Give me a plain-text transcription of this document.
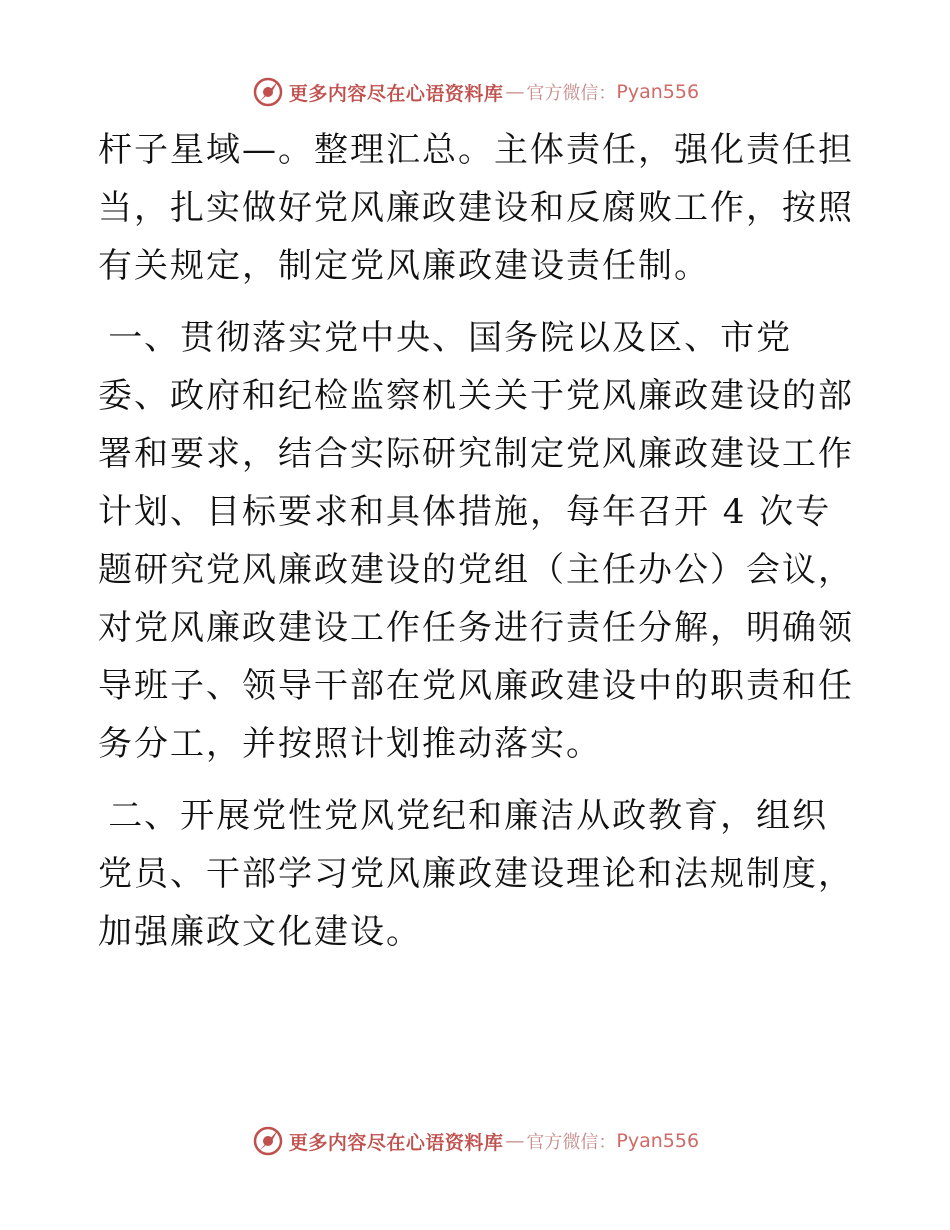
更多内容尽在心语资料库 — 官方微信： Pyan556

杆子星域—。整理汇总。主体责任，强化责任担当，扎实做好党风廉政建设和反腐败工作，按照有关规定，制定党风廉政建设责任制。

一、贯彻落实党中央、国务院以及区、市党委、政府和纪检监察机关关于党风廉政建设的部署和要求，结合实际研究制定党风廉政建设工作计划、目标要求和具体措施，每年召开 4 次专题研究党风廉政建设的党组（主任办公）会议，对党风廉政建设工作任务进行责任分解，明确领导班子、领导干部在党风廉政建设中的职责和任务分工，并按照计划推动落实。

二、开展党性党风党纪和廉洁从政教育，组织党员、干部学习党风廉政建设理论和法规制度，加强廉政文化建设。

更多内容尽在心语资料库 — 官方微信： Pyan556
